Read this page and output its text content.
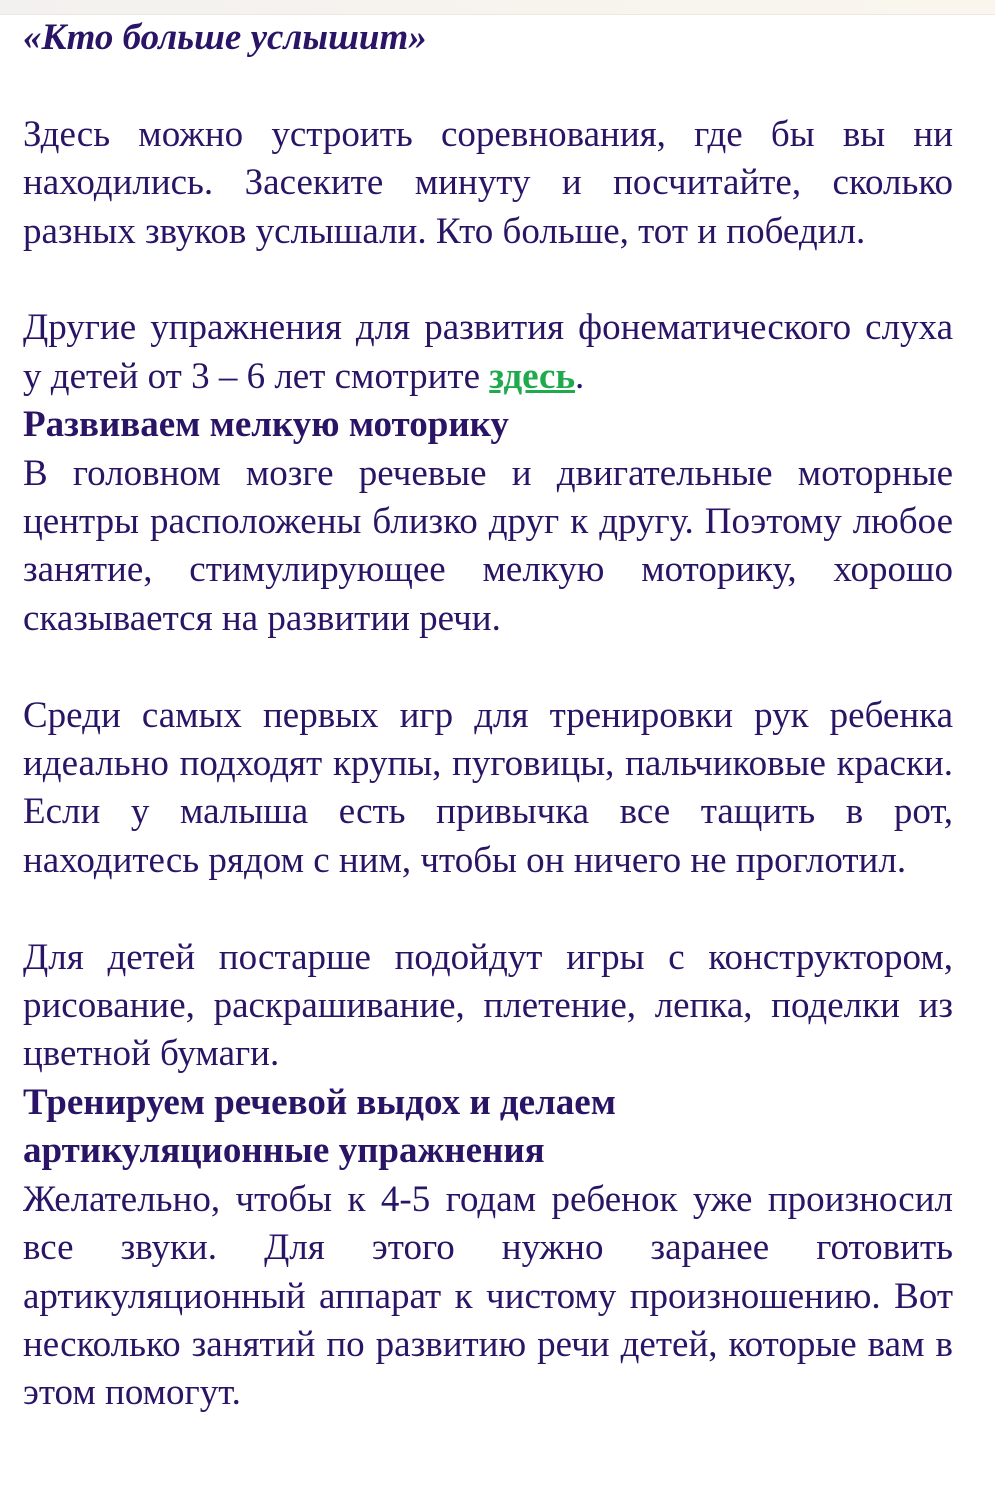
«Кто больше услышит»

Здесь можно устроить соревнования, где бы вы ни находились. Засеките минуту и посчитайте, сколько разных звуков услышали. Кто больше, тот и победил.

Другие упражнения для развития фонематического слуха у детей от 3 – 6 лет смотрите здесь.

Развиваем мелкую моторику

В головном мозге речевые и двигательные моторные центры расположены близко друг к другу. Поэтому любое занятие, стимулирующее мелкую моторику, хорошо сказывается на развитии речи.

Среди самых первых игр для тренировки рук ребенка идеально подходят крупы, пуговицы, пальчиковые краски. Если у малыша есть привычка все тащить в рот, находитесь рядом с ним, чтобы он ничего не проглотил.

Для детей постарше подойдут игры с конструктором, рисование, раскрашивание, плетение, лепка, поделки из цветной бумаги.

Тренируем речевой выдох и делаем артикуляционные упражнения

Желательно, чтобы к 4-5 годам ребенок уже произносил все звуки. Для этого нужно заранее готовить артикуляционный аппарат к чистому произношению. Вот несколько занятий по развитию речи детей, которые вам в этом помогут.
